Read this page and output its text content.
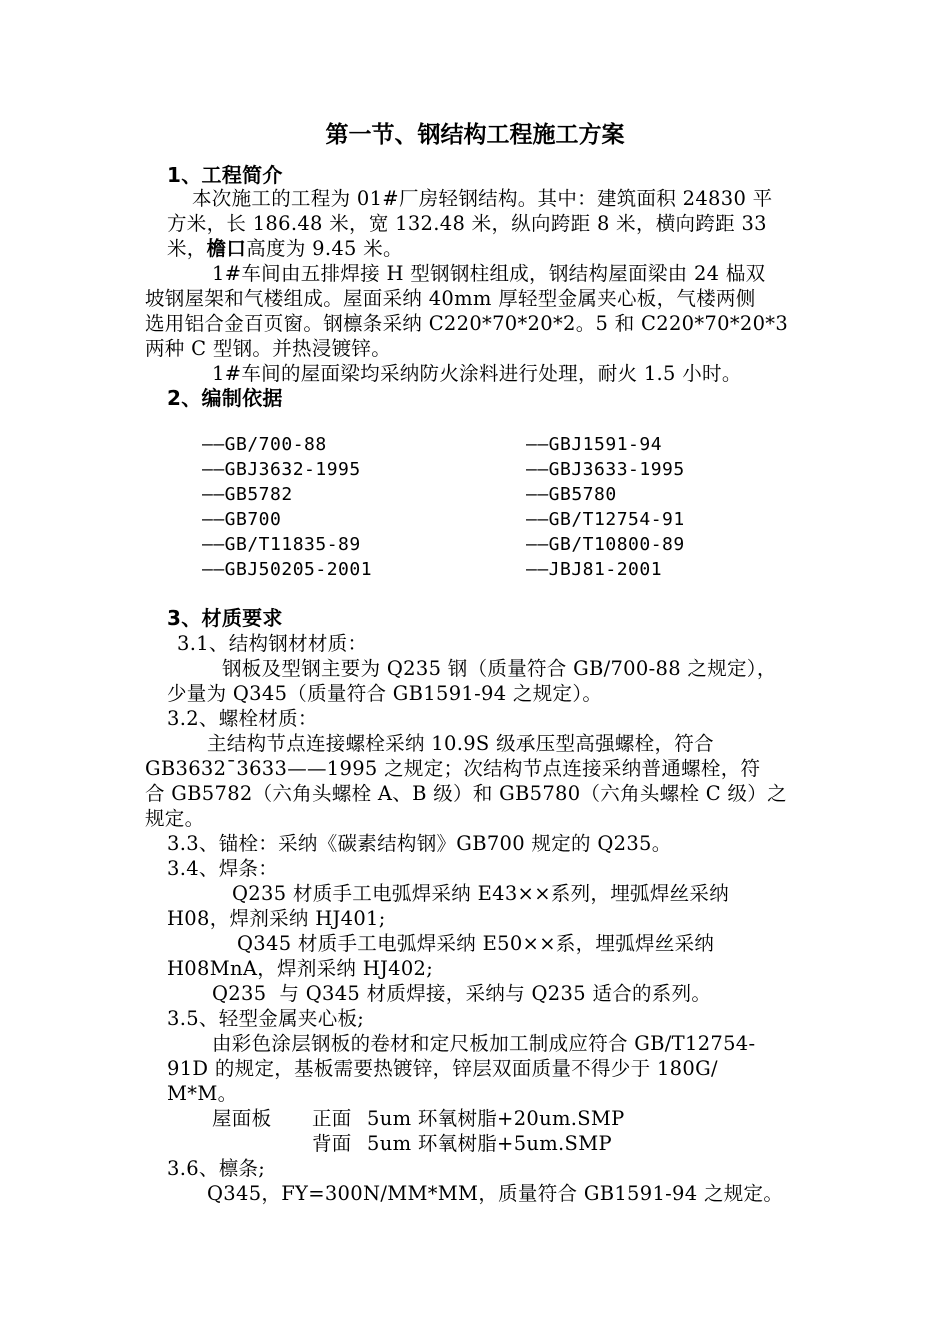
第一节、钢结构工程施工方案
1、工程简介
本次施工的工程为 01#厂房轻钢结构。其中：建筑面积 24830 平
方米，长 186.48 米，宽 132.48 米，纵向跨距 8 米，横向跨距 33
米，檐口高度为 9.45 米。
1#车间由五排焊接 H 型钢钢柱组成，钢结构屋面梁由 24 榀双
坡钢屋架和气楼组成。屋面采纳 40mm 厚轻型金属夹心板，气楼两侧
选用铝合金百页窗。钢檩条采纳 C220*70*20*2。5 和 C220*70*20*3
两种 C 型钢。并热浸镀锌。
1#车间的屋面梁均采纳防火涂料进行处理，耐火 1.5 小时。
2、编制依据
——GB/700-88
——GBJ3632-1995
——GB5782
——GB700
——GB/T11835-89
——GBJ50205-2001
——GBJ1591-94
——GBJ3633-1995
——GB5780
——GB/T12754-91
——GB/T10800-89
——JBJ81-2001
3、材质要求
3.1、结构钢材材质：
钢板及型钢主要为 Q235 钢（质量符合 GB/700-88 之规定），
少量为 Q345（质量符合 GB1591-94 之规定）。
3.2、螺栓材质：
主结构节点连接螺栓采纳 10.9S 级承压型高强螺栓，符合
GB3632¯3633——1995 之规定；次结构节点连接采纳普通螺栓，符
合 GB5782（六角头螺栓 A、B 级）和 GB5780（六角头螺栓 C 级）之
规定。
3.3、锚栓：采纳《碳素结构钢》GB700 规定的 Q235。
3.4、焊条：
Q235 材质手工电弧焊采纳 E43××系列，埋弧焊丝采纳
H08，焊剂采纳 HJ401;
Q345 材质手工电弧焊采纳 E50××系，埋弧焊丝采纳
H08MnA，焊剂采纳 HJ402;
Q235  与 Q345 材质焊接，采纳与 Q235 适合的系列。
3.5、轻型金属夹心板;
由彩色涂层钢板的卷材和定尺板加工制成应符合 GB/T12754-
91D 的规定，基板需要热镀锌，锌层双面质量不得少于 180G/
M*M。
屋面板 正面 5um 环氧树脂+20um.SMP
背面 5um 环氧树脂+5um.SMP
3.6、檩条;
Q345，FY=300N/MM*MM，质量符合 GB1591-94 之规定。
